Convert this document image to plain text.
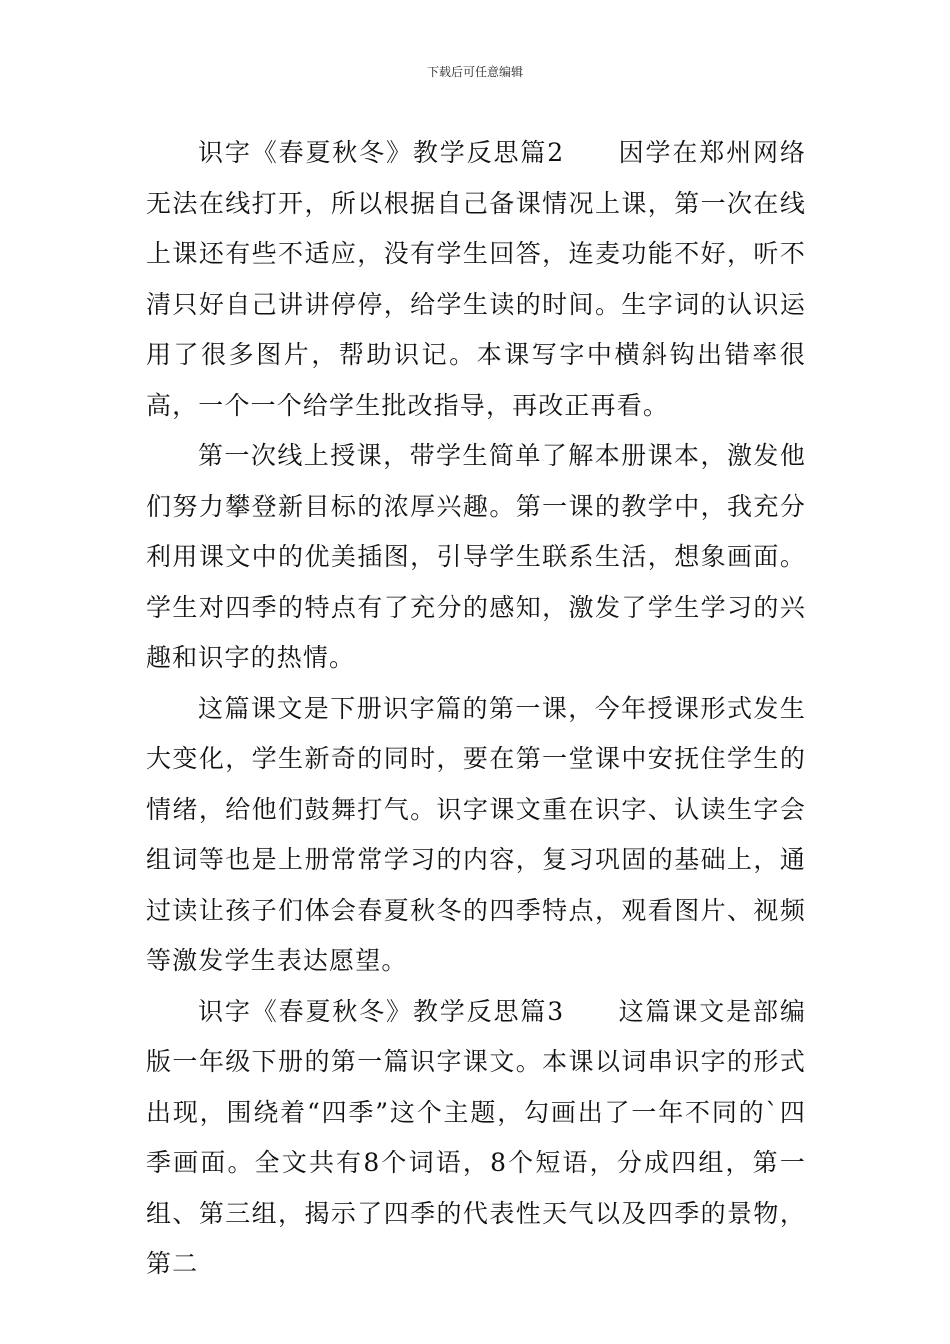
下载后可任意编辑

识字《春夏秋冬》教学反思篇2　　因学在郑州网络无法在线打开，所以根据自己备课情况上课，第一次在线上课还有些不适应，没有学生回答，连麦功能不好，听不清只好自己讲讲停停，给学生读的时间。生字词的认识运用了很多图片，帮助识记。本课写字中横斜钩出错率很高，一个一个给学生批改指导，再改正再看。

第一次线上授课，带学生简单了解本册课本，激发他们努力攀登新目标的浓厚兴趣。第一课的教学中，我充分利用课文中的优美插图，引导学生联系生活，想象画面。学生对四季的特点有了充分的感知，激发了学生学习的兴趣和识字的热情。

这篇课文是下册识字篇的第一课，今年授课形式发生大变化，学生新奇的同时，要在第一堂课中安抚住学生的情绪，给他们鼓舞打气。识字课文重在识字、认读生字会组词等也是上册常常学习的内容，复习巩固的基础上，通过读让孩子们体会春夏秋冬的四季特点，观看图片、视频等激发学生表达愿望。

识字《春夏秋冬》教学反思篇3　　这篇课文是部编版一年级下册的第一篇识字课文。本课以词串识字的形式出现，围绕着“四季”这个主题，勾画出了一年不同的`四季画面。全文共有8个词语，8个短语，分成四组，第一组、第三组，揭示了四季的代表性天气以及四季的景物，第二
